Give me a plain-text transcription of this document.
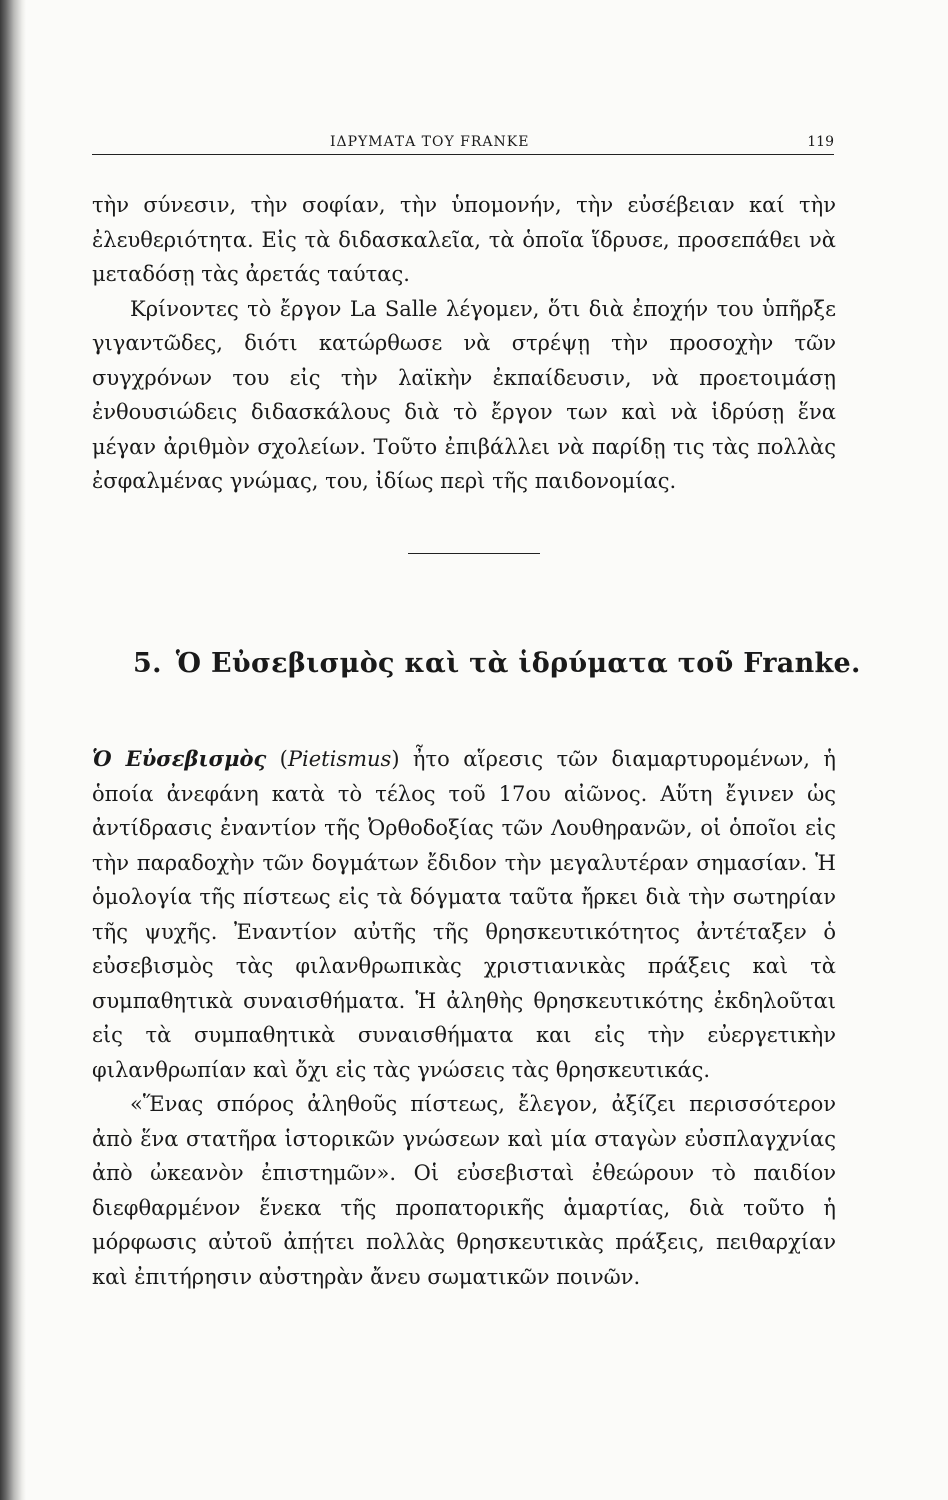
ΙΔΡΥΜΑΤΑ ΤΟΥ FRANKE	119

τὴν σύνεσιν, τὴν σοφίαν, τὴν ὑπομονήν, τὴν εὐσέβειαν καί τὴν ἐλευθεριότητα. Εἰς τὰ διδασκαλεῖα, τὰ ὁποῖα ἵδρυσε, προσεπάθει νὰ μεταδόσῃ τὰς ἀρετάς ταύτας.

Κρίνοντες τὸ ἔργον La Salle λέγομεν, ὅτι διὰ ἐποχήν του ὑπῆρξε γιγαντῶδες, διότι κατώρθωσε νὰ στρέψῃ τὴν προσοχὴν τῶν συγχρόνων του εἰς τὴν λαϊκὴν ἐκπαίδευσιν, νὰ προετοιμάσῃ ἐνθουσιώδεις διδασκάλους διὰ τὸ ἔργον των καὶ νὰ ἱδρύσῃ ἕνα μέγαν ἀριθμὸν σχολείων. Τοῦτο ἐπιβάλλει νὰ παρίδῃ τις τὰς πολλὰς ἐσφαλμένας γνώμας, του, ἰδίως περὶ τῆς παιδονομίας.

5. Ὁ Εὐσεβισμὸς καὶ τὰ ἱδρύματα τοῦ Franke.

Ὁ Εὐσεβισμὸς (Pietismus) ἦτο αἵρεσις τῶν διαμαρτυρομένων, ἡ ὁποία ἀνεφάνη κατὰ τὸ τέλος τοῦ 17ου αἰῶνος. Αὕτη ἔγινεν ὡς ἀντίδρασις ἐναντίον τῆς Ὀρθοδοξίας τῶν Λουθηρανῶν, οἱ ὁποῖοι εἰς τὴν παραδοχὴν τῶν δογμάτων ἔδιδον τὴν μεγαλυτέραν σημασίαν. Ἡ ὁμολογία τῆς πίστεως εἰς τὰ δόγματα ταῦτα ἤρκει διὰ τὴν σωτηρίαν τῆς ψυχῆς. Ἐναντίον αὐτῆς τῆς θρησκευτικότητος ἀντέταξεν ὁ εὐσεβισμὸς τὰς φιλανθρωπικὰς χριστιανικὰς πράξεις καὶ τὰ συμπαθητικὰ συναισθήματα. Ἡ ἀληθὴς θρησκευτικότης ἐκδηλοῦται εἰς τὰ συμπαθητικὰ συναισθήματα και εἰς τὴν εὐεργετικὴν φιλανθρωπίαν καὶ ὄχι εἰς τὰς γνώσεις τὰς θρησκευτικάς.

«Ἕνας σπόρος ἀληθοῦς πίστεως, ἔλεγον, ἀξίζει περισσότερον ἀπὸ ἕνα στατῆρα ἱστορικῶν γνώσεων καὶ μία σταγὼν εὐσπλαγχνίας ἀπὸ ὠκεανὸν ἐπιστημῶν». Οἱ εὐσεβισταὶ ἐθεώρουν τὸ παιδίον διεφθαρμένον ἕνεκα τῆς προπατορικῆς ἁμαρτίας, διὰ τοῦτο ἡ μόρφωσις αὐτοῦ ἀπῄτει πολλὰς θρησκευτικὰς πράξεις, πειθαρχίαν καὶ ἐπιτήρησιν αὐστηρὰν ἄνευ σωματικῶν ποινῶν.
